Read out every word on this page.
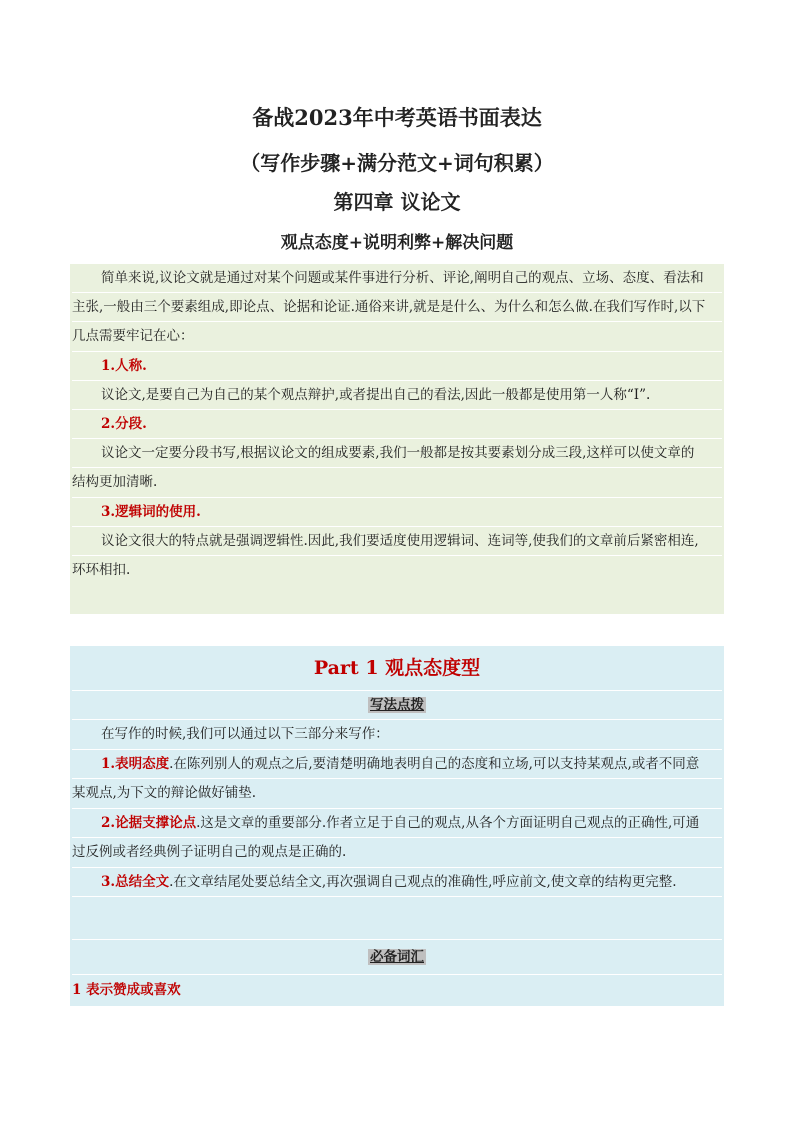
备战2023年中考英语书面表达
（写作步骤+满分范文+词句积累）
第四章 议论文
观点态度+说明利弊+解决问题
简单来说,议论文就是通过对某个问题或某件事进行分析、评论,阐明自己的观点、立场、态度、看法和
主张,一般由三个要素组成,即论点、论据和论证.通俗来讲,就是是什么、为什么和怎么做.在我们写作时,以下
几点需要牢记在心：
1.人称.
议论文,是要自己为自己的某个观点辩护,或者提出自己的看法,因此一般都是使用第一人称“I”.
2.分段.
议论文一定要分段书写,根据议论文的组成要素,我们一般都是按其要素划分成三段,这样可以使文章的
结构更加清晰.
3.逻辑词的使用.
议论文很大的特点就是强调逻辑性.因此,我们要适度使用逻辑词、连词等,使我们的文章前后紧密相连,
环环相扣.
Part 1 观点态度型
写法点拨
在写作的时候,我们可以通过以下三部分来写作：
1.表明态度.在陈列别人的观点之后,要清楚明确地表明自己的态度和立场,可以支持某观点,或者不同意
某观点,为下文的辩论做好铺垫.
2.论据支撑论点.这是文章的重要部分.作者立足于自己的观点,从各个方面证明自己观点的正确性,可通
过反例或者经典例子证明自己的观点是正确的.
3.总结全文.在文章结尾处要总结全文,再次强调自己观点的准确性,呼应前文,使文章的结构更完整.
必备词汇
1 表示赞成或喜欢
